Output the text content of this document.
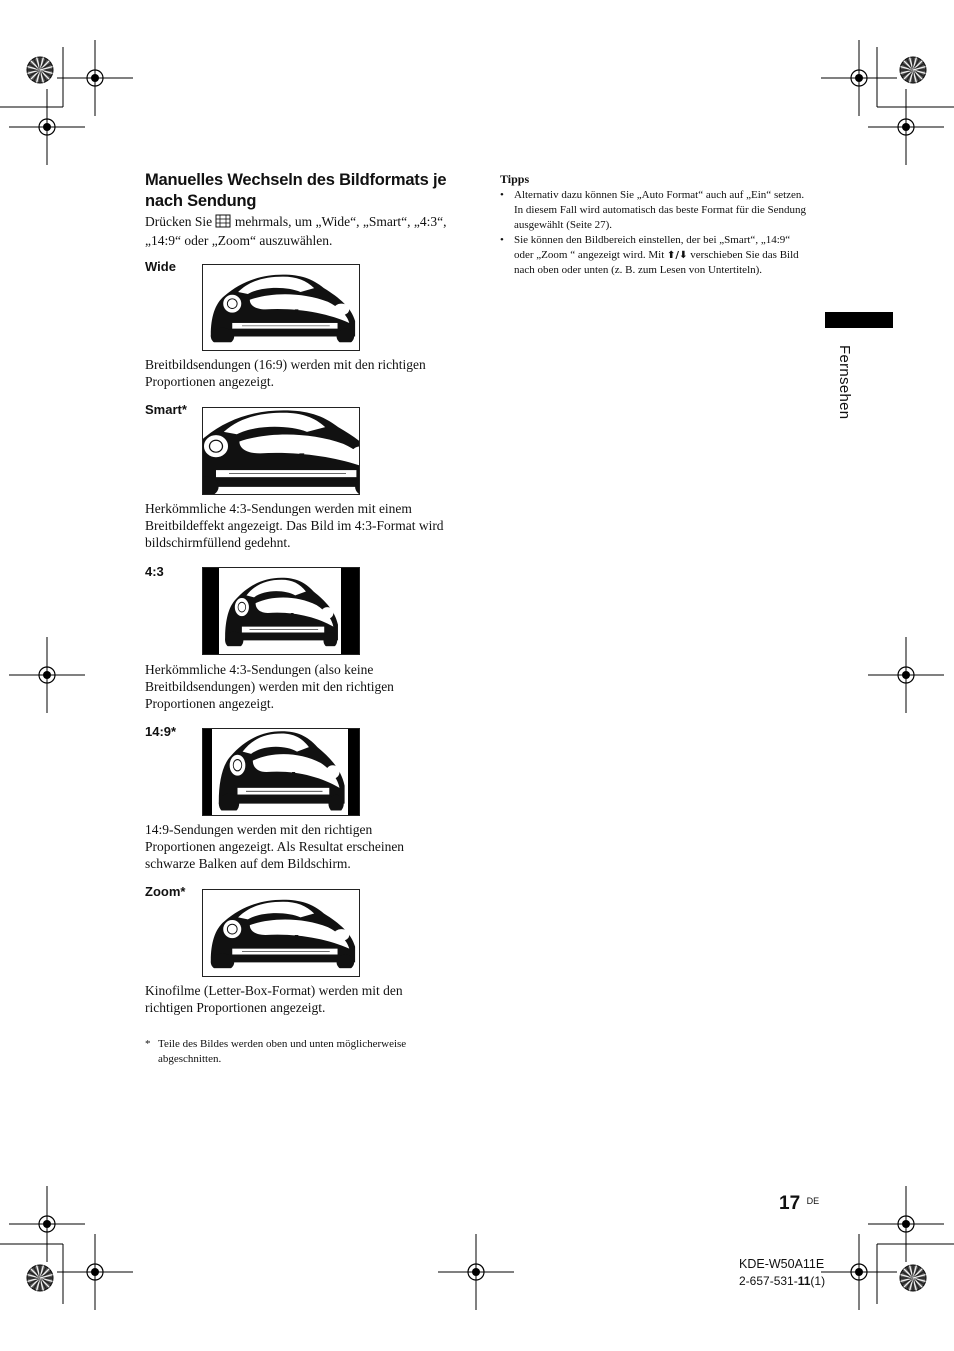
Manuelles Wechseln des Bildformats je nach Sendung
Drücken Sie mehrmals, um „Wide“, „Smart“, „4:3“, „14:9“ oder „Zoom“ auszuwählen.
Wide
Breitbildsendungen (16:9) werden mit den richtigen Proportionen angezeigt.
Smart*
Herkömmliche 4:3-Sendungen werden mit einem Breitbildeffekt angezeigt. Das Bild im 4:3-Format wird bildschirmfüllend gedehnt.
4:3
Herkömmliche 4:3-Sendungen (also keine Breitbildsendungen) werden mit den richtigen Proportionen angezeigt.
14:9*
14:9-Sendungen werden mit den richtigen Proportionen angezeigt. Als Resultat erscheinen schwarze Balken auf dem Bildschirm.
Zoom*
Kinofilme (Letter-Box-Format) werden mit den richtigen Proportionen angezeigt.
* Teile des Bildes werden oben und unten möglicherweise abgeschnitten.
Tipps
• Alternativ dazu können Sie „Auto Format“ auch auf „Ein“ setzen. In diesem Fall wird automatisch das beste Format für die Sendung ausgewählt (Seite 27).
• Sie können den Bildbereich einstellen, der bei „Smart“, „14:9“ oder „Zoom “ angezeigt wird. Mit ⬆/⬇ verschieben Sie das Bild nach oben oder unten (z. B. zum Lesen von Untertiteln).
Fernsehen
17 $^{DE}$
KDE-W50A11E
2-657-531-11(1)
